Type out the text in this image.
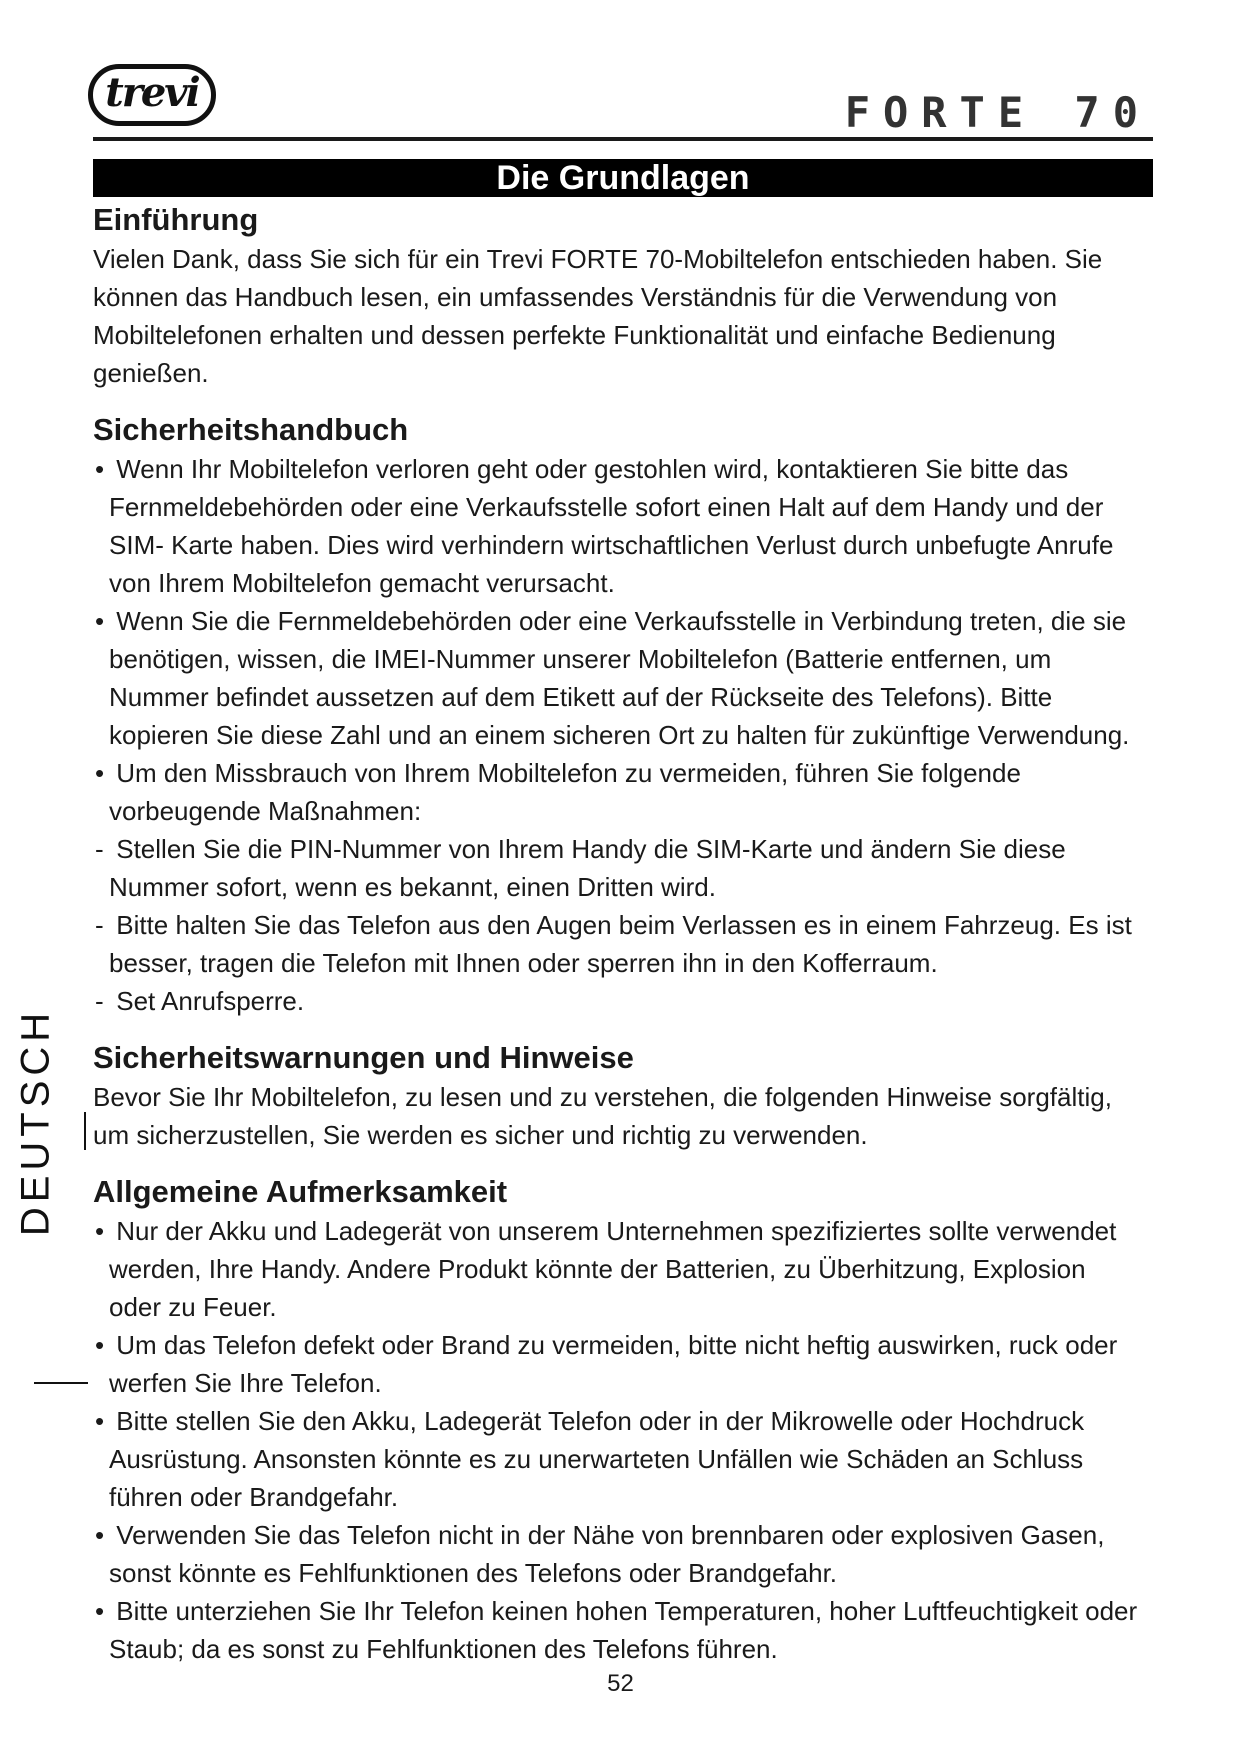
trevi	FORTE 70
Die Grundlagen
DEUTSCH
Einführung

Vielen Dank, dass Sie sich für ein Trevi FORTE 70-Mobiltelefon entschieden haben. Sie können das Handbuch lesen, ein umfassendes Verständnis für die Verwendung von Mobiltelefonen erhalten und dessen perfekte Funktionalität und einfache Bedienung genießen.

Sicherheitshandbuch
• Wenn Ihr Mobiltelefon verloren geht oder gestohlen wird, kontaktieren Sie bitte das Fernmeldebehörden oder eine Verkaufsstelle sofort einen Halt auf dem Handy und der SIM- Karte haben. Dies wird verhindern wirtschaftlichen Verlust durch unbefugte Anrufe von Ihrem Mobiltelefon gemacht verursacht.
• Wenn Sie die Fernmeldebehörden oder eine Verkaufsstelle in Verbindung treten, die sie benötigen, wissen, die IMEI-Nummer unserer Mobiltelefon (Batterie entfernen, um Nummer befindet aussetzen auf dem Etikett auf der Rückseite des Telefons). Bitte kopieren Sie diese Zahl und an einem sicheren Ort zu halten für zukünftige Verwendung.
• Um den Missbrauch von Ihrem Mobiltelefon zu vermeiden, führen Sie folgende vorbeugende Maßnahmen:
- Stellen Sie die PIN-Nummer von Ihrem Handy die SIM-Karte und ändern Sie diese Nummer sofort, wenn es bekannt, einen Dritten wird.
- Bitte halten Sie das Telefon aus den Augen beim Verlassen es in einem Fahrzeug. Es ist besser, tragen die Telefon mit Ihnen oder sperren ihn in den Kofferraum.
- Set Anrufsperre.
Sicherheitswarnungen und Hinweise

Bevor Sie Ihr Mobiltelefon, zu lesen und zu verstehen, die folgenden Hinweise sorgfältig, um sicherzustellen, Sie werden es sicher und richtig zu verwenden.

Allgemeine Aufmerksamkeit
• Nur der Akku und Ladegerät von unserem Unternehmen spezifiziertes sollte verwendet werden, Ihre Handy. Andere Produkt könnte der Batterien, zu Überhitzung, Explosion oder zu Feuer.
• Um das Telefon defekt oder Brand zu vermeiden, bitte nicht heftig auswirken, ruck oder werfen Sie Ihre Telefon.
• Bitte stellen Sie den Akku, Ladegerät Telefon oder in der Mikrowelle oder Hochdruck Ausrüstung. Ansonsten könnte es zu unerwarteten Unfällen wie Schäden an Schluss führen oder Brandgefahr.
• Verwenden Sie das Telefon nicht in der Nähe von brennbaren oder explosiven Gasen, sonst könnte es Fehlfunktionen des Telefons oder Brandgefahr.
• Bitte unterziehen Sie Ihr Telefon keinen hohen Temperaturen, hoher Luftfeuchtigkeit oder Staub; da es sonst zu Fehlfunktionen des Telefons führen.
52
